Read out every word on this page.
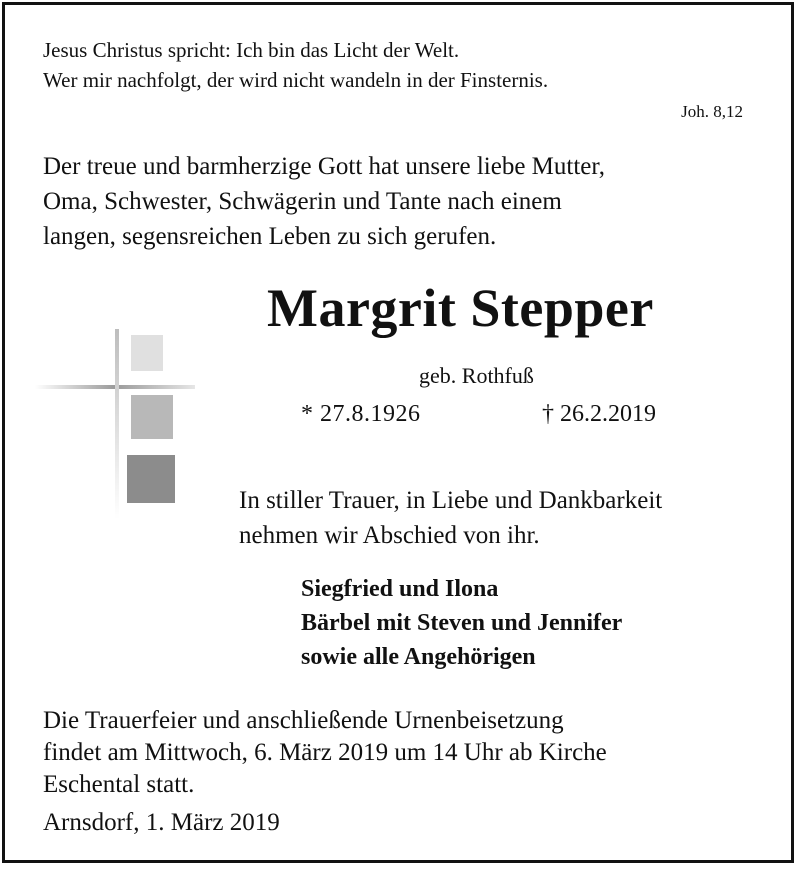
Jesus Christus spricht: Ich bin das Licht der Welt.
Wer mir nachfolgt, der wird nicht wandeln in der Finsternis.
Joh. 8,12
Der treue und barmherzige Gott hat unsere liebe Mutter,
Oma, Schwester, Schwägerin und Tante nach einem
langen, segensreichen Leben zu sich gerufen.
Margrit Stepper
geb. Rothfuß
* 27.8.1926	† 26.2.2019
In stiller Trauer, in Liebe und Dankbarkeit
nehmen wir Abschied von ihr.
Siegfried und Ilona
Bärbel mit Steven und Jennifer
sowie alle Angehörigen
Die Trauerfeier und anschließende Urnenbeisetzung
findet am Mittwoch, 6. März 2019 um 14 Uhr ab Kirche
Eschental statt.
Arnsdorf, 1. März 2019
